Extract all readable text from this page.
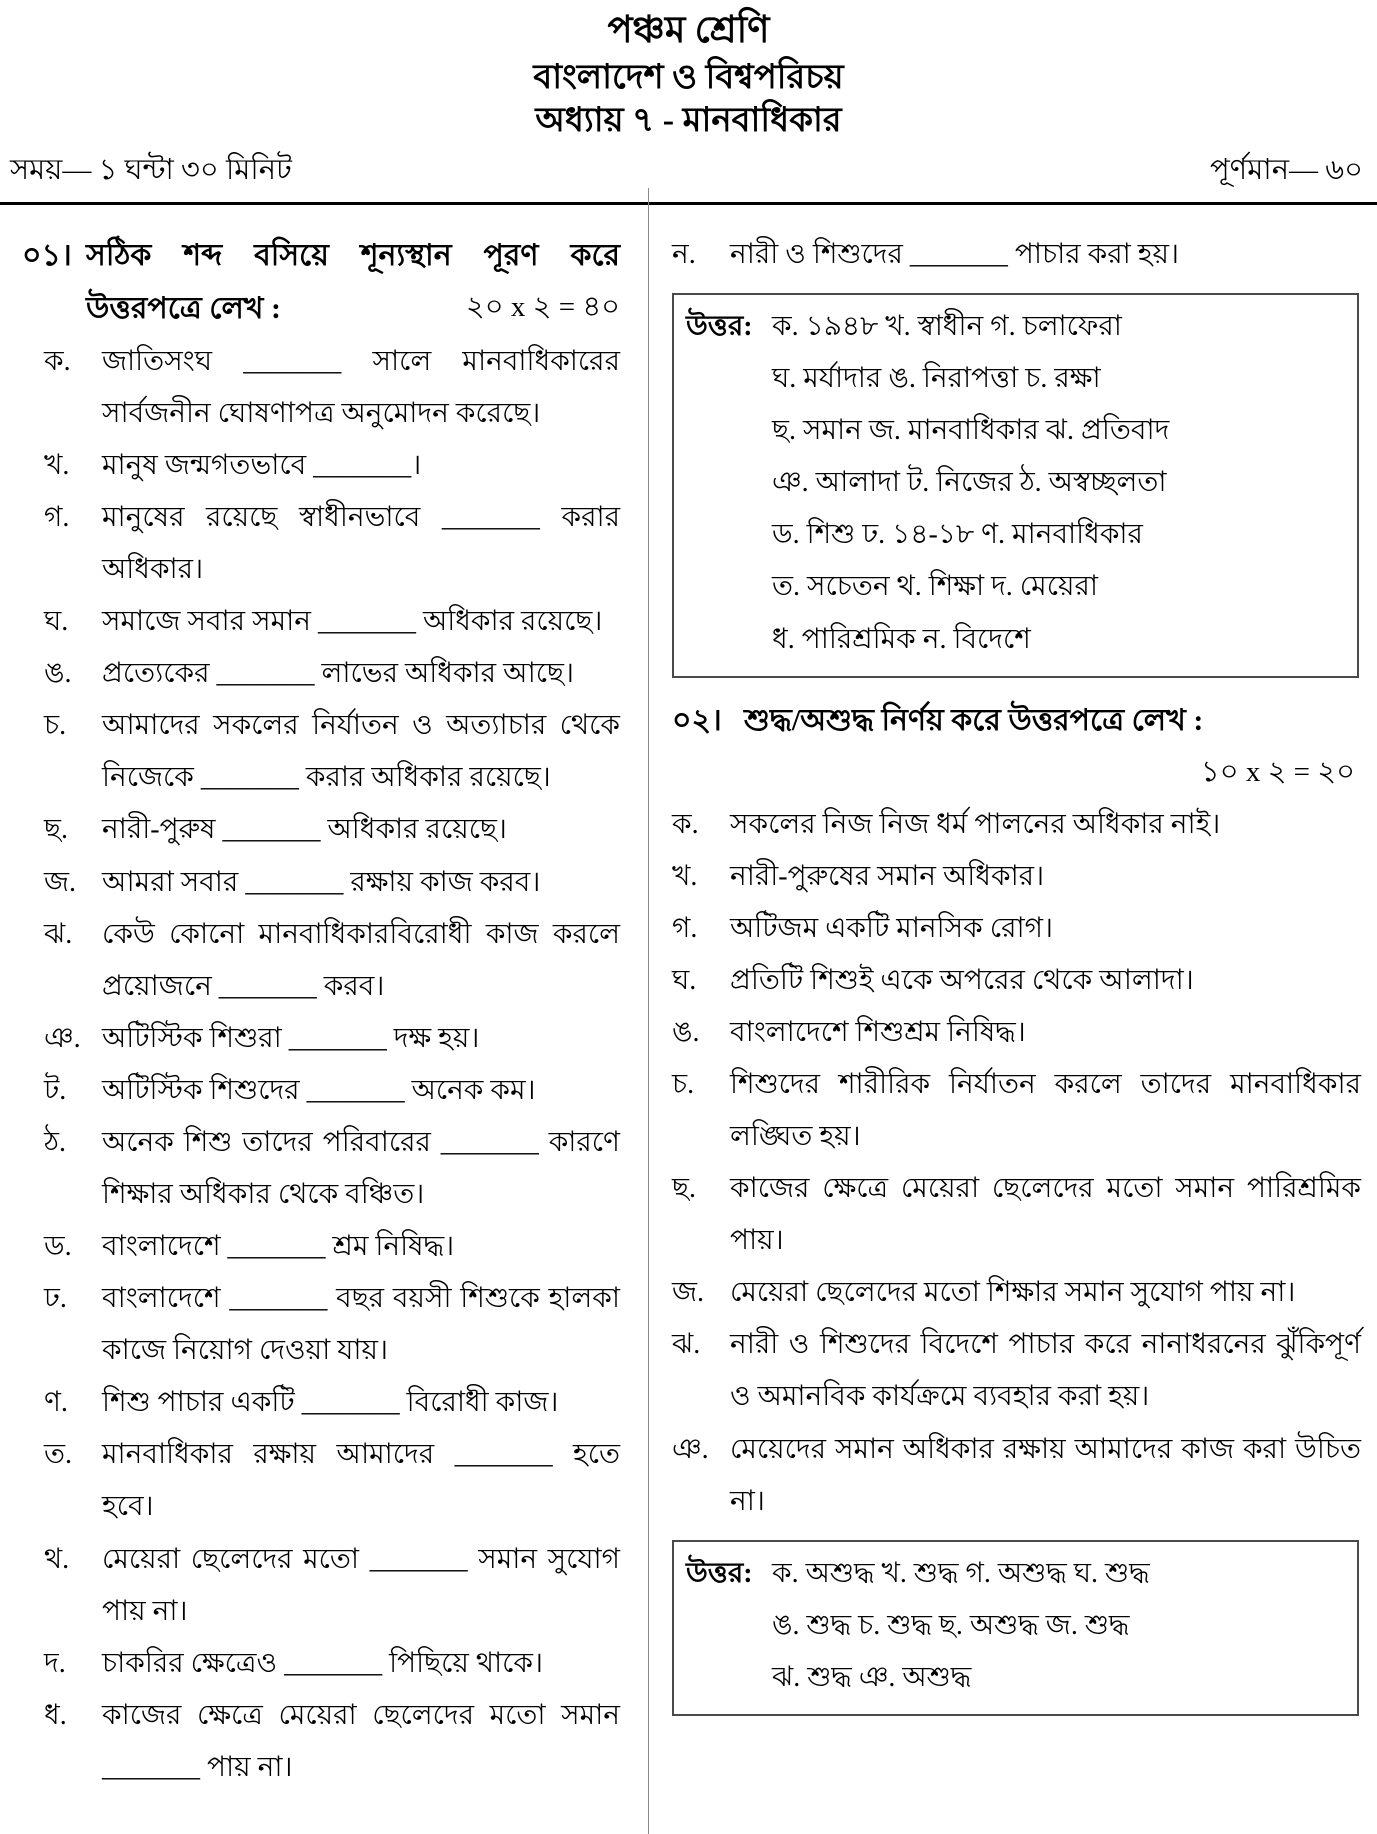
পঞ্চম শ্রেণি
বাংলাদেশ ও বিশ্বপরিচয়
অধ্যায় ৭ - মানবাধিকার
সময়— ১ ঘন্টা ৩০ মিনিট	পূর্ণমান— ৬০
০১। সঠিক শব্দ বসিয়ে শূন্যস্থান পূরণ করে
উত্তরপত্রে লেখ :	২০ x ২ = ৪০
ক.	জাতিসংঘ _______ সালে মানবাধিকারের সার্বজনীন ঘোষণাপত্র অনুমোদন করেছে।
খ.	মানুষ জন্মগতভাবে _______।
গ.	মানুষের রয়েছে স্বাধীনভাবে _______ করার অধিকার।
ঘ.	সমাজে সবার সমান _______ অধিকার রয়েছে।
ঙ.	প্রত্যেকের _______ লাভের অধিকার আছে।
চ.	আমাদের সকলের নির্যাতন ও অত্যাচার থেকে নিজেকে _______ করার অধিকার রয়েছে।
ছ.	নারী-পুরুষ _______ অধিকার রয়েছে।
জ. আমরা সবার _______ রক্ষায় কাজ করব।
ঝ.	কেউ কোনো মানবাধিকারবিরোধী কাজ করলে প্রয়োজনে _______ করব।
ঞ. অটিস্টিক শিশুরা _______ দক্ষ হয়।
ট.	অটিস্টিক শিশুদের _______ অনেক কম।
ঠ.	অনেক শিশু তাদের পরিবারের _______ কারণে শিক্ষার অধিকার থেকে বঞ্চিত।
ড.	বাংলাদেশে _______ শ্রম নিষিদ্ধ।
ঢ.	বাংলাদেশে _______ বছর বয়সী শিশুকে হালকা কাজে নিয়োগ দেওয়া যায়।
ণ.	শিশু পাচার একটি _______ বিরোধী কাজ।
ত.	মানবাধিকার রক্ষায় আমাদের _______ হতে হবে।
থ.	মেয়েরা ছেলেদের মতো _______ সমান সুযোগ পায় না।
দ.	চাকরির ক্ষেত্রেও _______ পিছিয়ে থাকে।
ধ.	কাজের ক্ষেত্রে মেয়েরা ছেলেদের মতো সমান _______ পায় না।
ন.	নারী ও শিশুদের _______ পাচার করা হয়।
উত্তর: ক. ১৯৪৮ খ. স্বাধীন গ. চলাফেরা
ঘ. মর্যাদার ঙ. নিরাপত্তা চ. রক্ষা
ছ. সমান জ. মানবাধিকার ঝ. প্রতিবাদ
ঞ. আলাদা ট. নিজের ঠ. অস্বচ্ছলতা
ড. শিশু ঢ. ১৪-১৮ ণ. মানবাধিকার
ত. সচেতন থ. শিক্ষা দ. মেয়েরা
ধ. পারিশ্রমিক ন. বিদেশে
০২। শুদ্ধ/অশুদ্ধ নির্ণয় করে উত্তরপত্রে লেখ :
১০ x ২ = ২০
ক.	সকলের নিজ নিজ ধর্ম পালনের অধিকার নাই।
খ.	নারী-পুরুষের সমান অধিকার।
গ.	অটিজম একটি মানসিক রোগ।
ঘ.	প্রতিটি শিশুই একে অপরের থেকে আলাদা।
ঙ.	বাংলাদেশে শিশুশ্রম নিষিদ্ধ।
চ.	শিশুদের শারীরিক নির্যাতন করলে তাদের মানবাধিকার লঙ্ঘিত হয়।
ছ.	কাজের ক্ষেত্রে মেয়েরা ছেলেদের মতো সমান পারিশ্রমিক পায়।
জ. মেয়েরা ছেলেদের মতো শিক্ষার সমান সুযোগ পায় না।
ঝ.	নারী ও শিশুদের বিদেশে পাচার করে নানাধরনের ঝুঁকিপূর্ণ ও অমানবিক কার্যক্রমে ব্যবহার করা হয়।
ঞ. মেয়েদের সমান অধিকার রক্ষায় আমাদের কাজ করা উচিত না।
উত্তর: ক. অশুদ্ধ খ. শুদ্ধ গ. অশুদ্ধ ঘ. শুদ্ধ
ঙ. শুদ্ধ চ. শুদ্ধ ছ. অশুদ্ধ জ. শুদ্ধ
ঝ. শুদ্ধ ঞ. অশুদ্ধ
